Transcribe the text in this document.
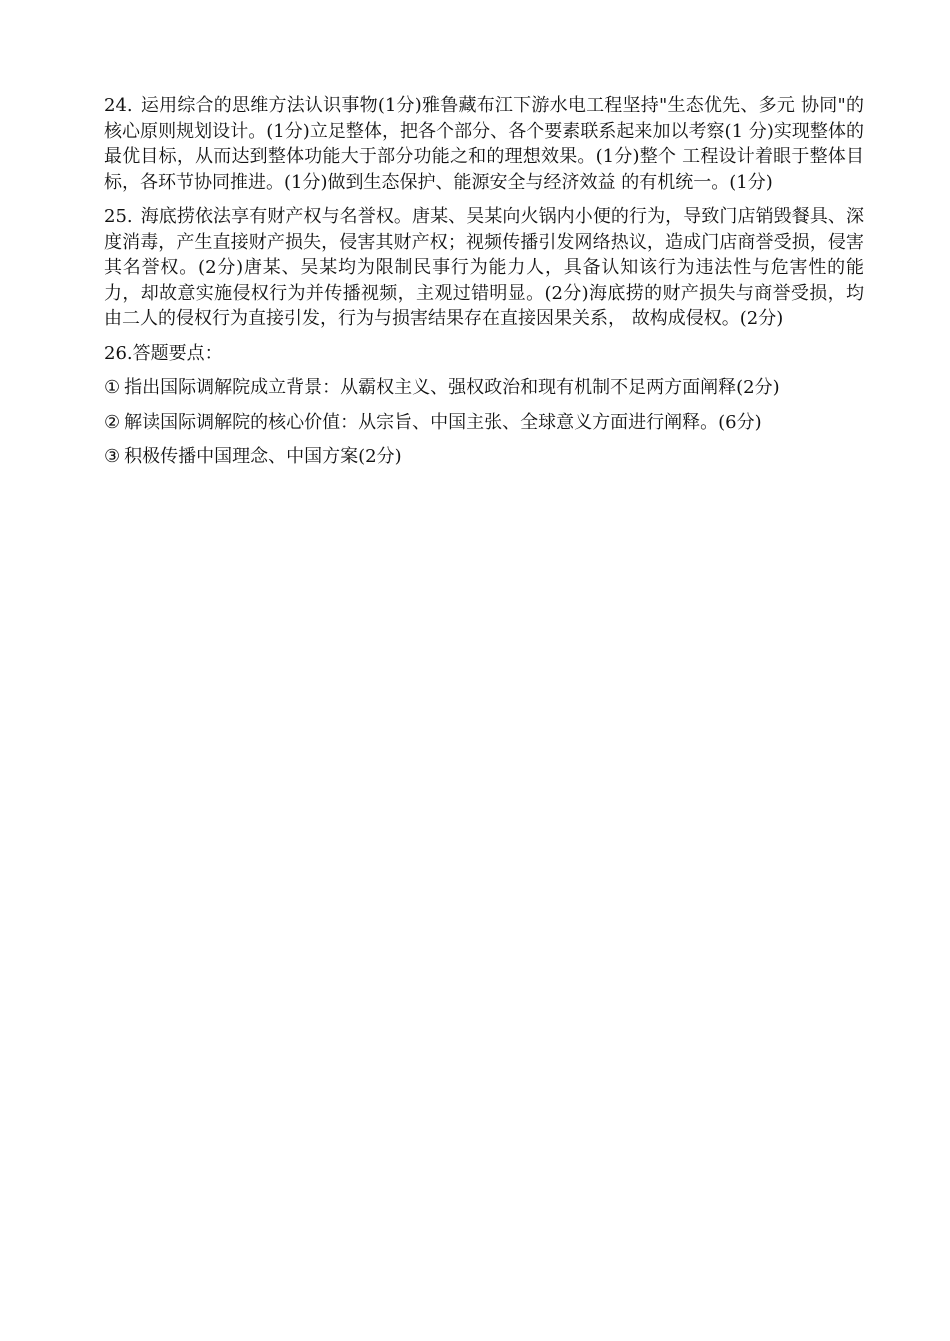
24. 运用综合的思维方法认识事物(1分)雅鲁藏布江下游水电工程坚持"生态优先、多元 协同"的核心原则规划设计。(1分)立足整体，把各个部分、各个要素联系起来加以考察(1 分)实现整体的最优目标，从而达到整体功能大于部分功能之和的理想效果。(1分)整个 工程设计着眼于整体目标，各环节协同推进。(1分)做到生态保护、能源安全与经济效益 的有机统一。(1分)

25. 海底捞依法享有财产权与名誉权。唐某、吴某向火锅内小便的行为，导致门店销毁餐具、深度消毒，产生直接财产损失，侵害其财产权；视频传播引发网络热议，造成门店商誉受损，侵害其名誉权。(2分)唐某、吴某均为限制民事行为能力人，具备认知该行为违法性与危害性的能力，却故意实施侵权行为并传播视频，主观过错明显。(2分)海底捞的财产损失与商誉受损，均由二人的侵权行为直接引发，行为与损害结果存在直接因果关系， 故构成侵权。(2分)

26.答题要点：
① 指出国际调解院成立背景：从霸权主义、强权政治和现有机制不足两方面阐释(2分)
② 解读国际调解院的核心价值：从宗旨、中国主张、全球意义方面进行阐释。(6分)
③ 积极传播中国理念、中国方案(2分)
